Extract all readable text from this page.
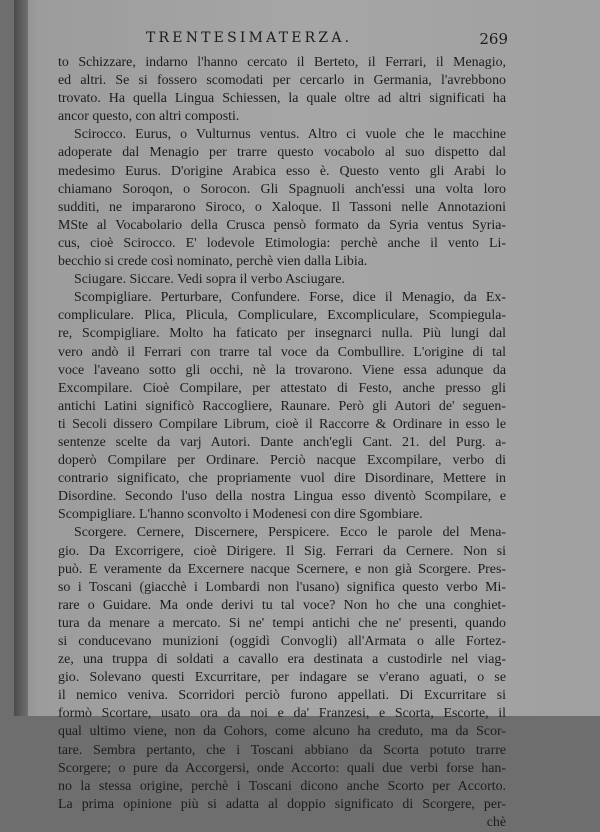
TRENTESIMATERZA.	269
to Schizzare, indarno l'hanno cercato il Berteto, il Ferrari, il Menagio,
ed altri. Se si fossero scomodati per cercarlo in Germania, l'avrebbono
trovato. Ha quella Lingua Schiessen, la quale oltre ad altri significati ha
ancor questo, con altri composti.
Scirocco. Eurus, o Vulturnus ventus. Altro ci vuole che le macchine
adoperate dal Menagio per trarre questo vocabolo al suo dispetto dal
medesimo Eurus. D'origine Arabica esso è. Questo vento gli Arabi lo
chiamano Soroqon, o Sorocon. Gli Spagnuoli anch'essi una volta loro
sudditi, ne impararono Siroco, o Xaloque. Il Tassoni nelle Annotazioni
MSte al Vocabolario della Crusca pensò formato da Syria ventus Syria-
cus, cioè Scirocco. E' lodevole Etimologia: perchè anche il vento Li-
becchio si crede così nominato, perchè vien dalla Libia.
Sciugare. Siccare. Vedi sopra il verbo Asciugare.
Scompigliare. Perturbare, Confundere. Forse, dice il Menagio, da Ex-
compliculare. Plica, Plicula, Compliculare, Excompliculare, Scompiegula-
re, Scompigliare. Molto ha faticato per insegnarci nulla. Più lungi dal
vero andò il Ferrari con trarre tal voce da Combullire. L'origine di tal
voce l'aveano sotto gli occhi, nè la trovarono. Viene essa adunque da
Excompilare. Cioè Compilare, per attestato di Festo, anche presso gli
antichi Latini significò Raccogliere, Raunare. Però gli Autori de' seguen-
ti Secoli dissero Compilare Librum, cioè il Raccorre & Ordinare in esso le
sentenze scelte da varj Autori. Dante anch'egli Cant. 21. del Purg. a-
doperò Compilare per Ordinare. Perciò nacque Excompilare, verbo di
contrario significato, che propriamente vuol dire Disordinare, Mettere in
Disordine. Secondo l'uso della nostra Lingua esso diventò Scompilare, e
Scompigliare. L'hanno sconvolto i Modenesi con dire Sgombiare.
Scorgere. Cernere, Discernere, Perspicere. Ecco le parole del Mena-
gio. Da Excorrigere, cioè Dirigere. Il Sig. Ferrari da Cernere. Non si
può. E veramente da Excernere nacque Scernere, e non già Scorgere. Pres-
so i Toscani (giacchè i Lombardi non l'usano) significa questo verbo Mi-
rare o Guidare. Ma onde derivi tu tal voce? Non ho che una conghiet-
tura da menare a mercato. Si ne' tempi antichi che ne' presenti, quando
si conducevano munizioni (oggidì Convogli) all'Armata o alle Fortez-
ze, una truppa di soldati a cavallo era destinata a custodirle nel viag-
gio. Solevano questi Excurritare, per indagare se v'erano aguati, o se
il nemico veniva. Scorridori perciò furono appellati. Di Excurritare si
formò Scortare, usato ora da noi e da' Franzesi, e Scorta, Escorte, il
qual ultimo viene, non da Cohors, come alcuno ha creduto, ma da Scor-
tare. Sembra pertanto, che i Toscani abbiano da Scorta potuto trarre
Scorgere; o pure da Accorgersi, onde Accorto: quali due verbi forse han-
no la stessa origine, perchè i Toscani dicono anche Scorto per Accorto.
La prima opinione più si adatta al doppio significato di Scorgere, per-
chè
